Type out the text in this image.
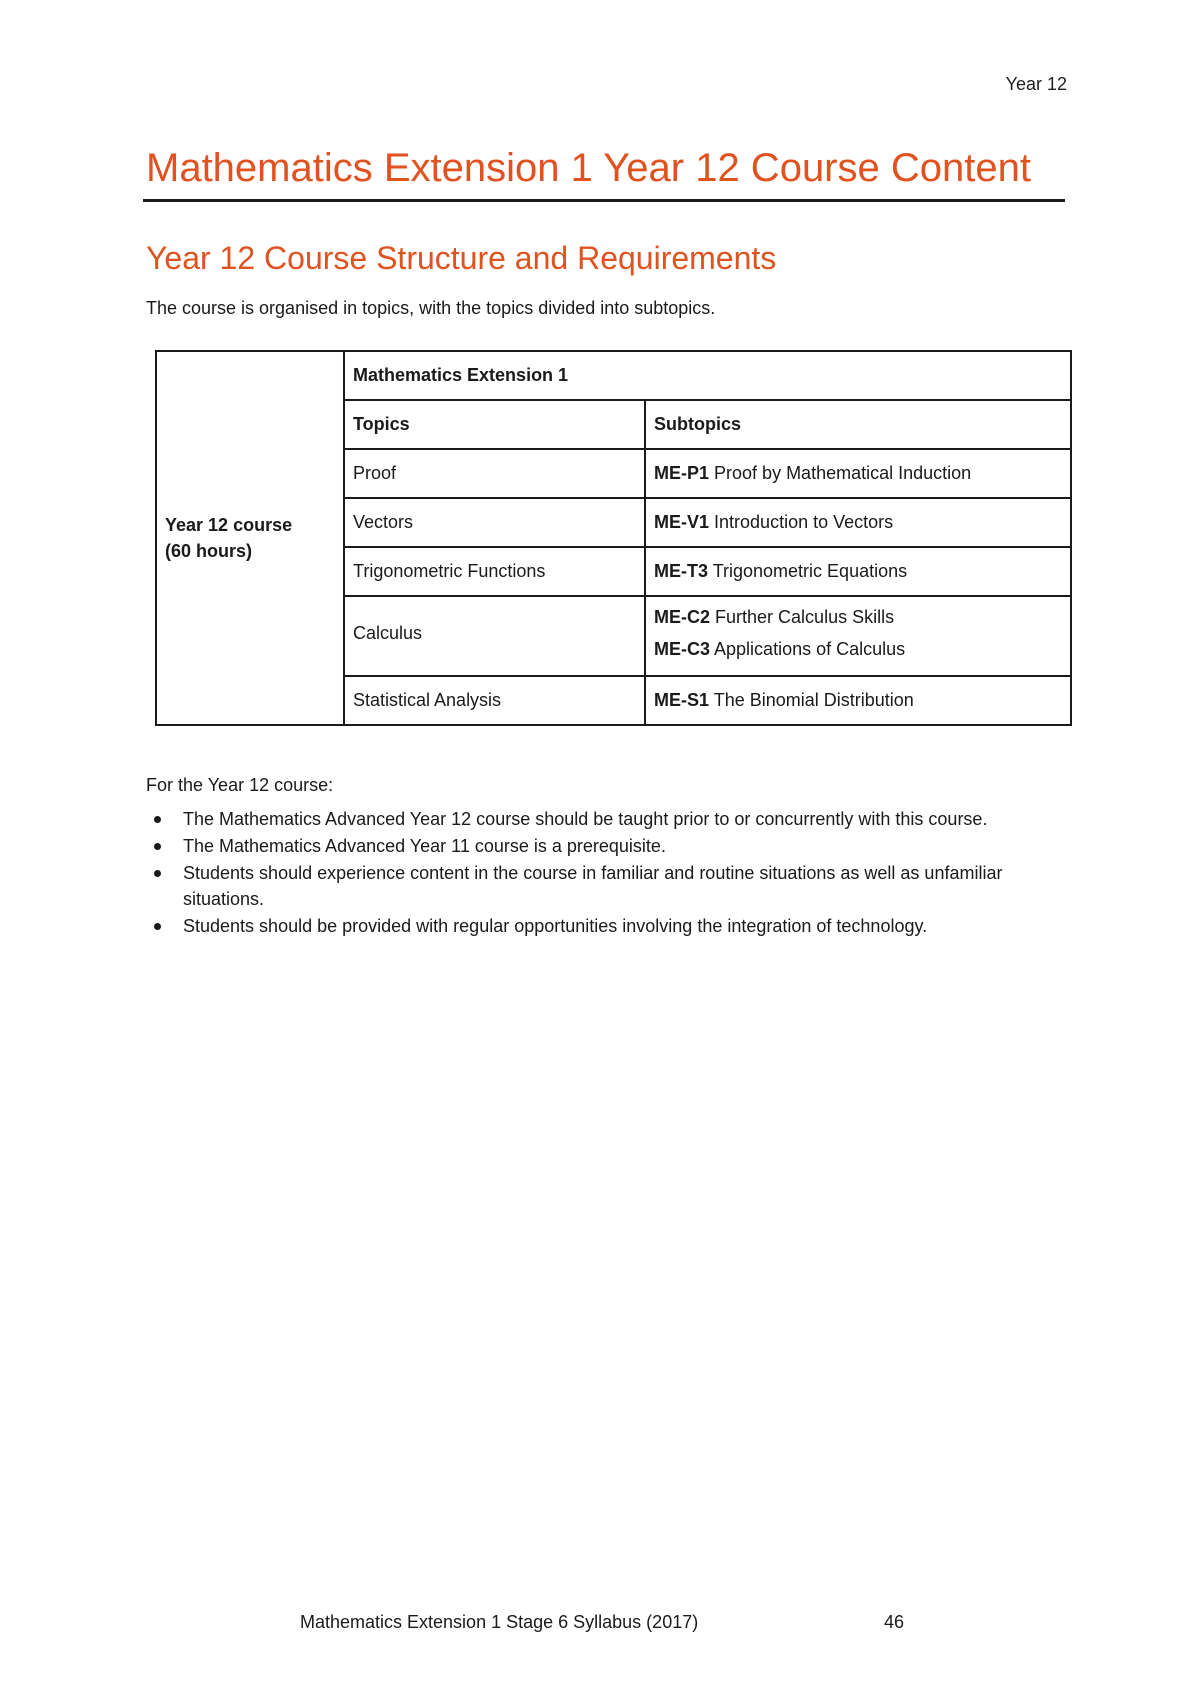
Year 12
Mathematics Extension 1 Year 12 Course Content
Year 12 Course Structure and Requirements

The course is organised in topics, with the topics divided into subtopics.

Year 12 course
(60 hours)	Mathematics Extension 1	
	Topics	Subtopics
	Proof	ME-P1 Proof by Mathematical Induction
	Vectors	ME-V1 Introduction to Vectors
	Trigonometric Functions	ME-T3 Trigonometric Equations

	Calculus	ME-C2 Further Calculus Skills
ME-C3 Applications of Calculus

	Statistical Analysis	ME-S1 The Binomial Distribution

For the Year 12 course:

The Mathematics Advanced Year 12 course should be taught prior to or concurrently with this course.
The Mathematics Advanced Year 11 course is a prerequisite.
Students should experience content in the course in familiar and routine situations as well as unfamiliar situations.
Students should be provided with regular opportunities involving the integration of technology.
Mathematics Extension 1 Stage 6 Syllabus (2017)	46
